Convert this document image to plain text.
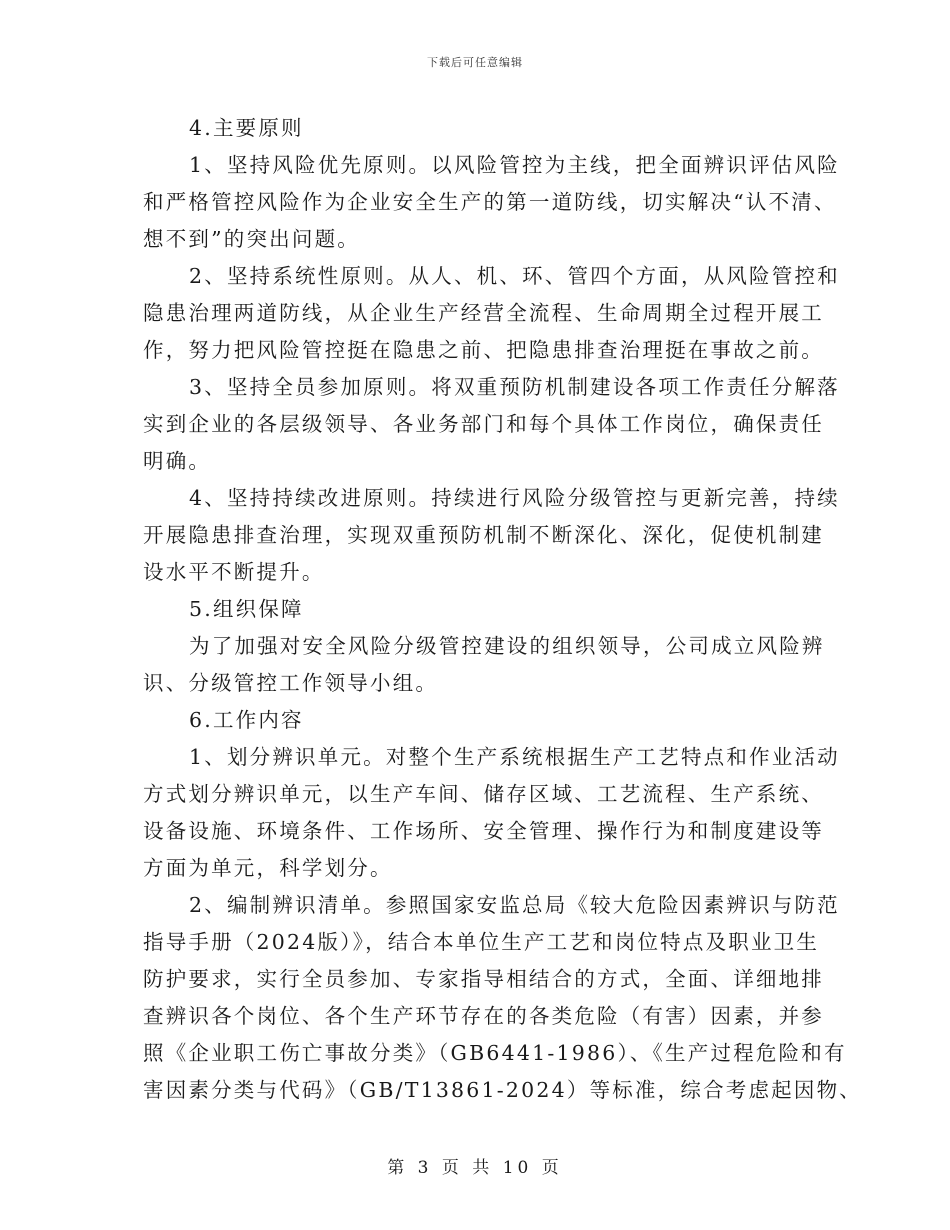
下载后可任意编辑
4.主要原则
1、坚持风险优先原则。以风险管控为主线，把全面辨识评估风险
和严格管控风险作为企业安全生产的第一道防线，切实解决“认不清、
想不到”的突出问题。
2、坚持系统性原则。从人、机、环、管四个方面，从风险管控和
隐患治理两道防线，从企业生产经营全流程、生命周期全过程开展工
作，努力把风险管控挺在隐患之前、把隐患排查治理挺在事故之前。
3、坚持全员参加原则。将双重预防机制建设各项工作责任分解落
实到企业的各层级领导、各业务部门和每个具体工作岗位，确保责任
明确。
4、坚持持续改进原则。持续进行风险分级管控与更新完善，持续
开展隐患排查治理，实现双重预防机制不断深化、深化，促使机制建
设水平不断提升。
5.组织保障
为了加强对安全风险分级管控建设的组织领导，公司成立风险辨
识、分级管控工作领导小组。
6.工作内容
1、划分辨识单元。对整个生产系统根据生产工艺特点和作业活动
方式划分辨识单元，以生产车间、储存区域、工艺流程、生产系统、
设备设施、环境条件、工作场所、安全管理、操作行为和制度建设等
方面为单元，科学划分。
2、编制辨识清单。参照国家安监总局《较大危险因素辨识与防范
指导手册（2024版）》，结合本单位生产工艺和岗位特点及职业卫生
防护要求，实行全员参加、专家指导相结合的方式，全面、详细地排
查辨识各个岗位、各个生产环节存在的各类危险（有害）因素，并参
照《企业职工伤亡事故分类》（GB6441-1986）、《生产过程危险和有
害因素分类与代码》（GB/T13861-2024）等标准，综合考虑起因物、
第 3 页 共 10 页
